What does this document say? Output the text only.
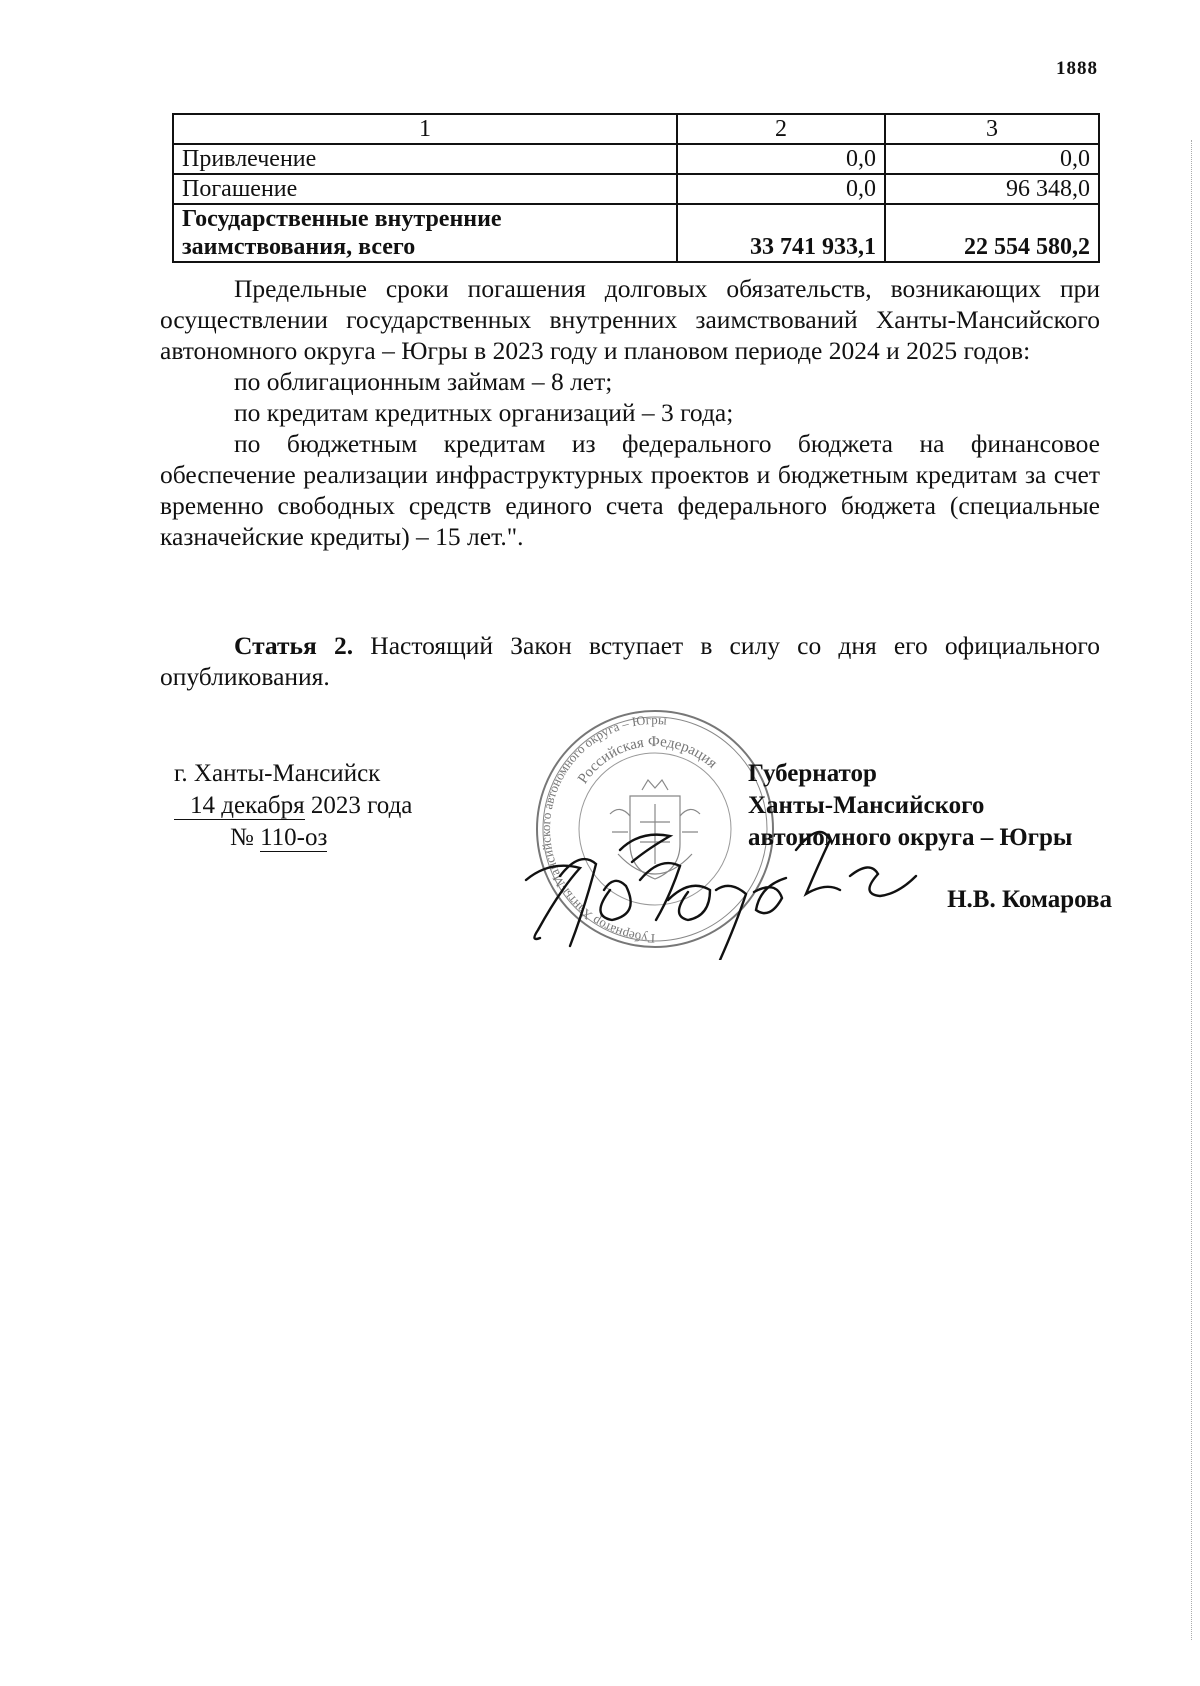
1888
1	2	3
Привлечение	0,0	0,0
Погашение	0,0	96 348,0
Государственные внутренние
заимствования, всего	33 741 933,1	22 554 580,2

Предельные сроки погашения долговых обязательств, возникающих при осуществлении государственных внутренних заимствований Ханты-Мансийского автономного округа – Югры в 2023 году и плановом периоде 2024 и 2025 годов:

по облигационным займам – 8 лет;

по кредитам кредитных организаций – 3 года;

по бюджетным кредитам из федерального бюджета на финансовое обеспечение реализации инфраструктурных проектов и бюджетным кредитам за счет временно свободных средств единого счета федерального бюджета (специальные казначейские кредиты) – 15 лет.".

Статья 2. Настоящий Закон вступает в силу со дня его официального опубликования.

г. Ханты-Мансийск
14 декабря 2023 года
№ 110-оз
Губернатор Ханты-Мансийского автономного округа – Югры
Российская Федерация Губернатор
Ханты-Мансийского
автономного округа – Югры
Н.В. Комарова
